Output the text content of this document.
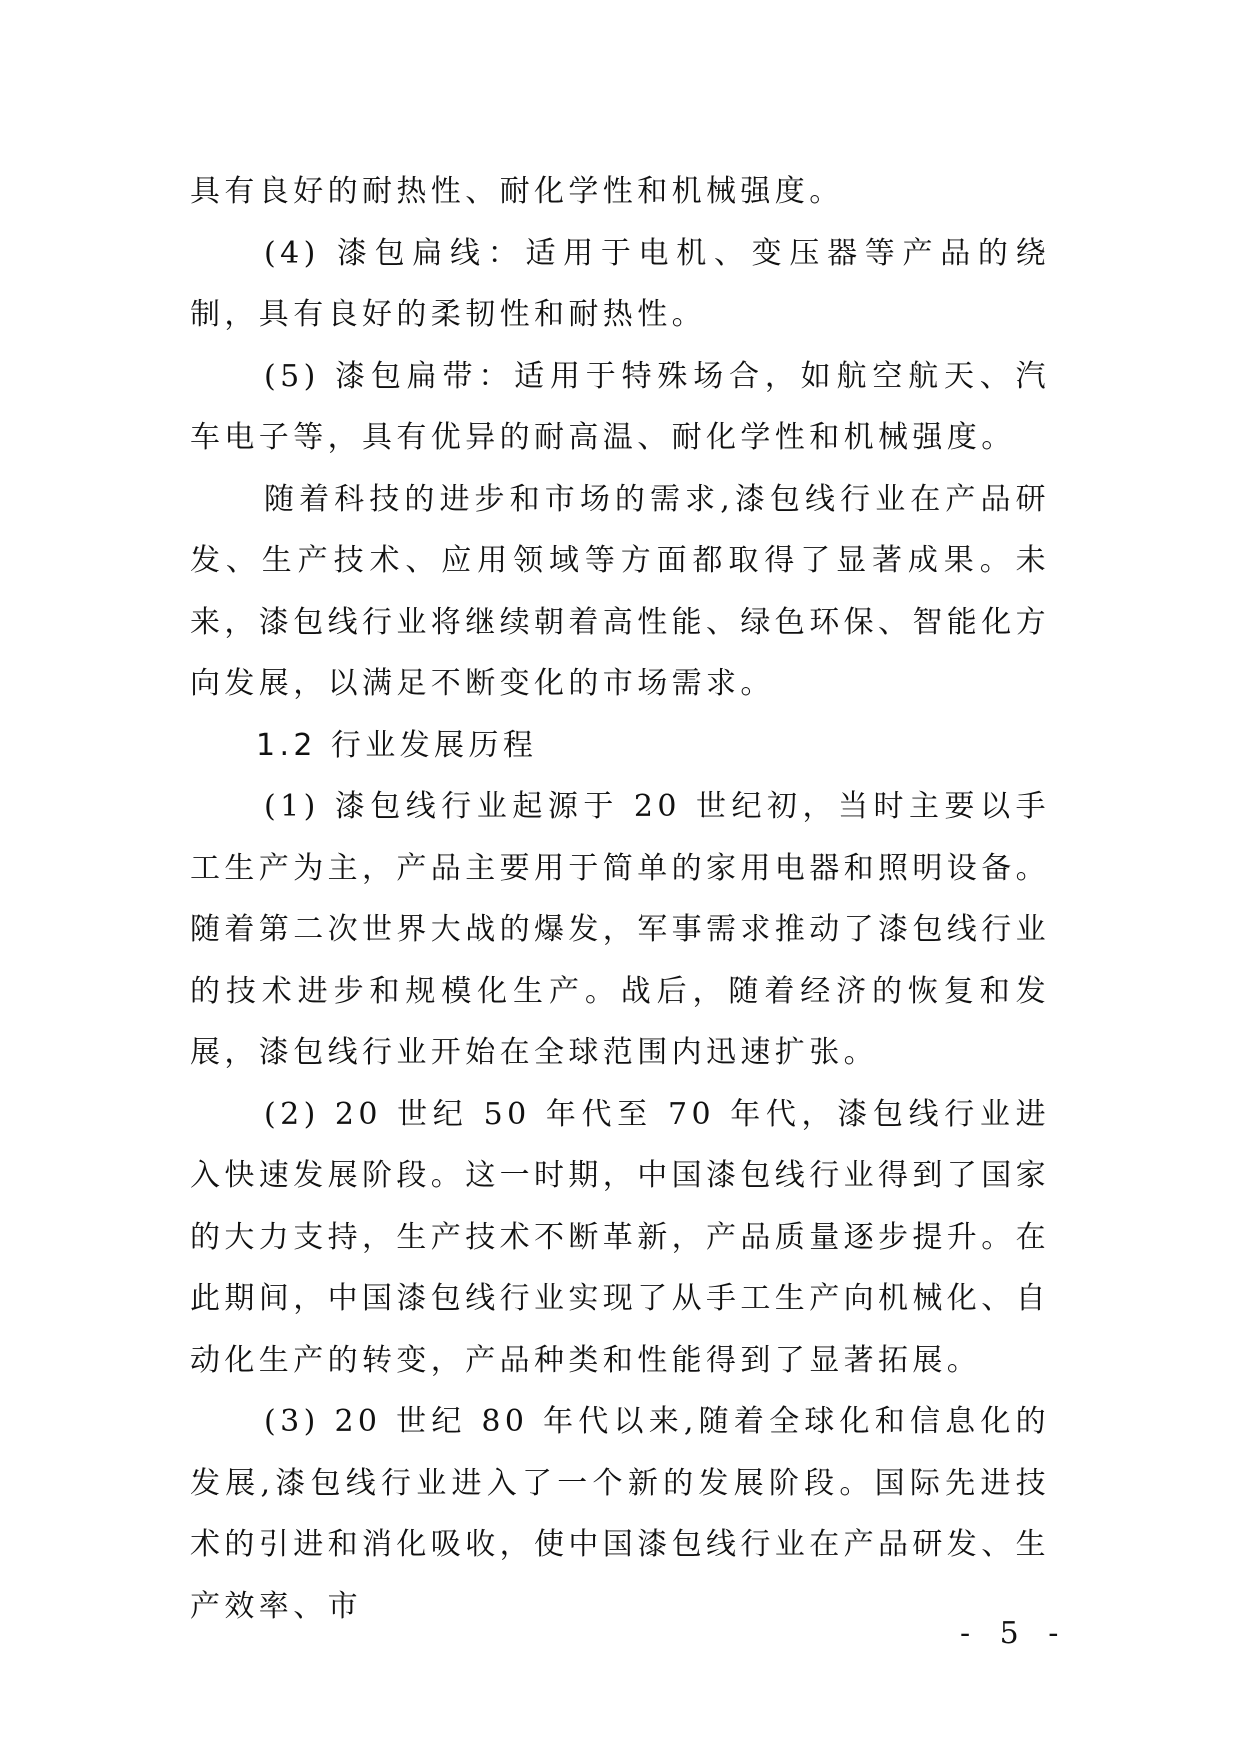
具有良好的耐热性、耐化学性和机械强度。

(4) 漆包扁线：适用于电机、变压器等产品的绕制，具有良好的柔韧性和耐热性。

(5) 漆包扁带：适用于特殊场合，如航空航天、汽车电子等，具有优异的耐高温、耐化学性和机械强度。

随着科技的进步和市场的需求,漆包线行业在产品研发、生产技术、应用领域等方面都取得了显著成果。未来，漆包线行业将继续朝着高性能、绿色环保、智能化方向发展，以满足不断变化的市场需求。

1.2 行业发展历程

(1) 漆包线行业起源于 20 世纪初，当时主要以手工生产为主，产品主要用于简单的家用电器和照明设备。随着第二次世界大战的爆发，军事需求推动了漆包线行业的技术进步和规模化生产。战后，随着经济的恢复和发展，漆包线行业开始在全球范围内迅速扩张。

(2) 20 世纪 50 年代至 70 年代，漆包线行业进入快速发展阶段。这一时期，中国漆包线行业得到了国家的大力支持，生产技术不断革新，产品质量逐步提升。在此期间，中国漆包线行业实现了从手工生产向机械化、自动化生产的转变，产品种类和性能得到了显著拓展。

(3) 20 世纪 80 年代以来,随着全球化和信息化的发展,漆包线行业进入了一个新的发展阶段。国际先进技术的引进和消化吸收，使中国漆包线行业在产品研发、生产效率、市

- 5 -
